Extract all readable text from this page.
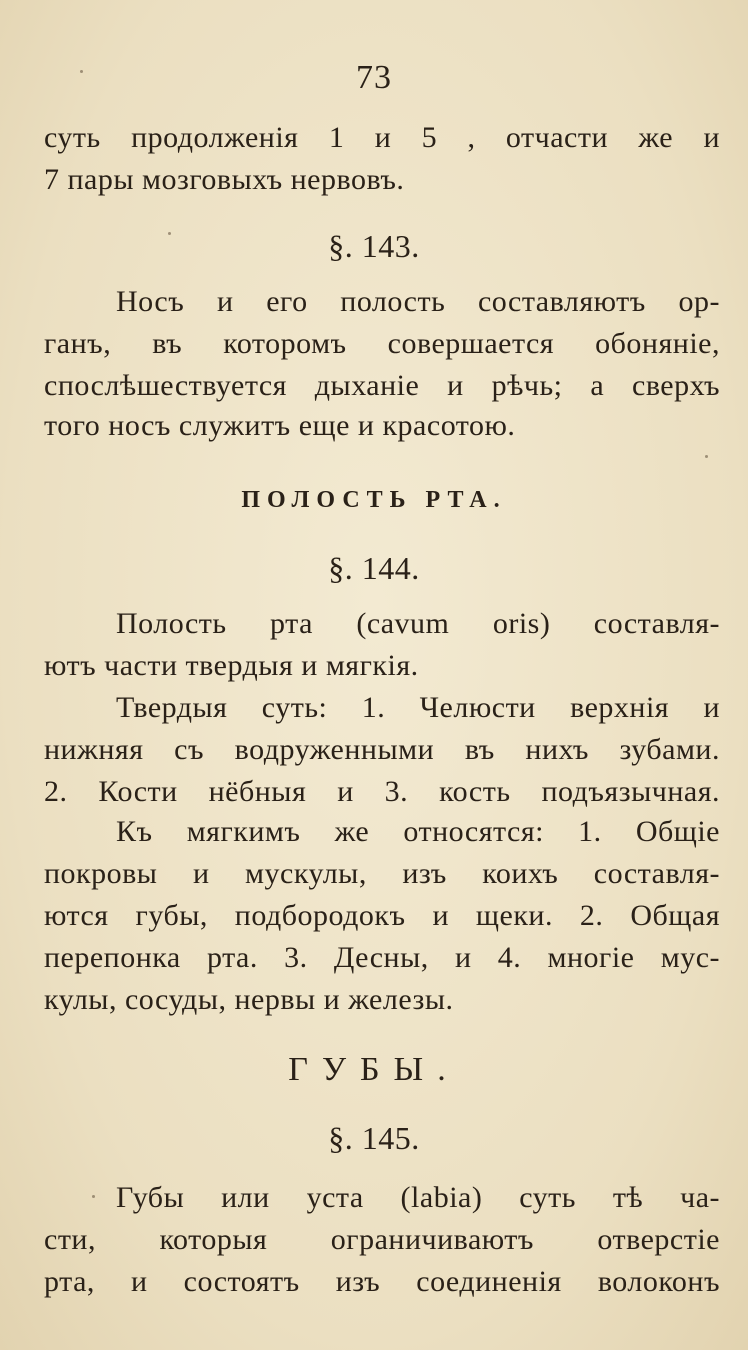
73
суть продолженія 1 и 5 , отчасти же и
7 пары мозговыхъ нервовъ.
§. 143.
Носъ и его полость составляютъ ор-
ганъ, въ которомъ совершается обонянiе,
спослѣшествуется дыханiе и рѣчь; а сверхъ
того носъ служитъ еще и красотою.
ПОЛОСТЬ РТА.
§. 144.
Полость рта (cavum oris) составля-
ютъ части твердыя и мягкiя.
Твердыя суть: 1. Челюсти верхнiя и
нижняя съ водруженными въ нихъ зубами.
2. Кости нёбныя и 3. кость подъязычная.
Къ мягкимъ же относятся: 1. Общiе
покровы и мускулы, изъ коихъ составля-
ются губы, подбородокъ и щеки. 2. Общая
перепонка рта. 3. Десны, и 4. многiе мус-
кулы, сосуды, нервы и железы.
ГУБЫ.
§. 145.
Губы или уста (labia) суть тѣ ча-
сти, которыя ограничиваютъ отверстiе
рта, и состоятъ изъ соединенія волоконъ
